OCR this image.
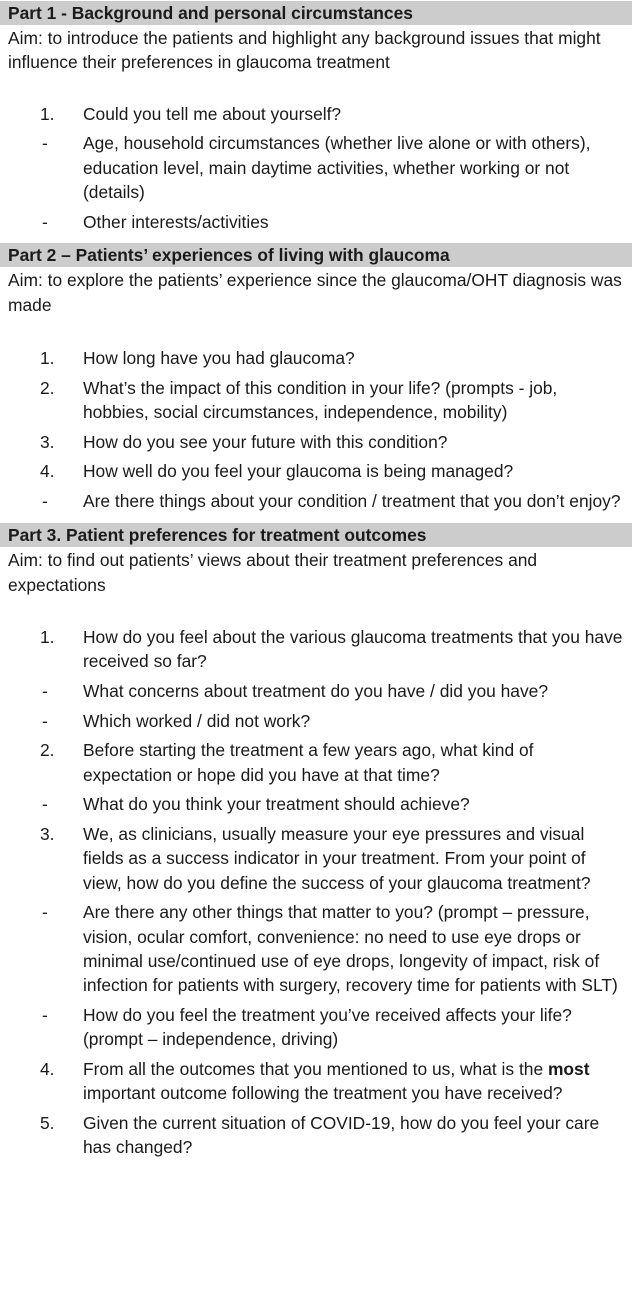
Part 1 - Background and personal circumstances
Aim: to introduce the patients and highlight any background issues that might influence their preferences in glaucoma treatment
1.	Could you tell me about yourself?
-	Age, household circumstances (whether live alone or with others), education level, main daytime activities, whether working or not (details)
-	Other interests/activities
Part 2 – Patients’ experiences of living with glaucoma
Aim: to explore the patients’ experience since the glaucoma/OHT diagnosis was made
1.	How long have you had glaucoma?
2.	What’s the impact of this condition in your life? (prompts - job, hobbies, social circumstances, independence, mobility)
3.	How do you see your future with this condition?
4.	How well do you feel your glaucoma is being managed?
-	Are there things about your condition / treatment that you don’t enjoy?
Part 3. Patient preferences for treatment outcomes
Aim: to find out patients’ views about their treatment preferences and expectations
1.	How do you feel about the various glaucoma treatments that you have received so far?
-	What concerns about treatment do you have / did you have?
-	Which worked / did not work?
2.	Before starting the treatment a few years ago, what kind of expectation or hope did you have at that time?
-	What do you think your treatment should achieve?
3.	We, as clinicians, usually measure your eye pressures and visual fields as a success indicator in your treatment. From your point of view, how do you define the success of your glaucoma treatment?
-	Are there any other things that matter to you? (prompt – pressure, vision, ocular comfort, convenience: no need to use eye drops or minimal use/continued use of eye drops, longevity of impact, risk of infection for patients with surgery, recovery time for patients with SLT)
-	How do you feel the treatment you’ve received affects your life? (prompt – independence, driving)
4.	From all the outcomes that you mentioned to us, what is the most important outcome following the treatment you have received?
5.	Given the current situation of COVID-19, how do you feel your care has changed?
